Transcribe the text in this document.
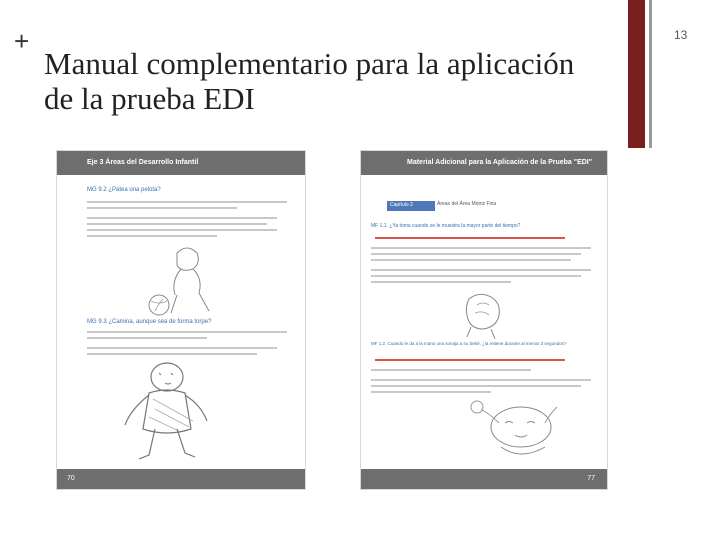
+	13
Manual complementario para la aplicación de la prueba EDI
Eje 3 Áreas del Desarrollo Infantil
MG 9.2 ¿Patea una pelota?
MG 9.3 ¿Camina, aunque sea de forma torpe?
70
Material Adicional para la Aplicación de la Prueba "EDI"
Capítulo 3	Áreas del Área Motriz Fina
MF 1.1. ¿Ya toma cuando se le muestra la mayor parte del tiempo?
MF 1.2. Cuando le da a la mano una sonaja a su bebé, ¿la retiene durante al menos 3 segundos?
77
